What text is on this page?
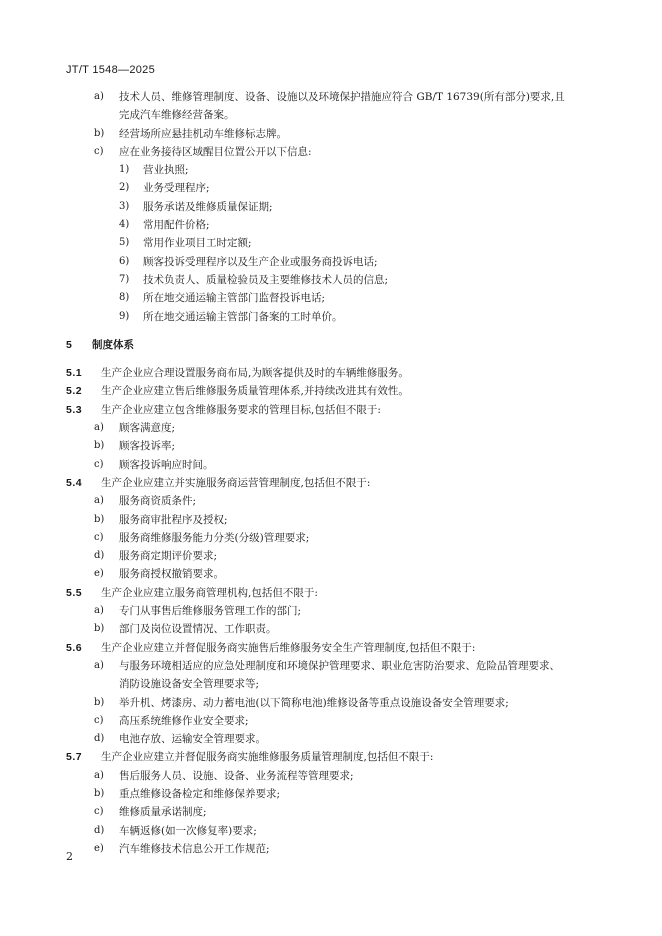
JT/T 1548—2025
a) 技术人员、维修管理制度、设备、设施以及环境保护措施应符合 GB/T 16739(所有部分)要求,且
完成汽车维修经营备案。
b) 经营场所应悬挂机动车维修标志牌。
c) 应在业务接待区域醒目位置公开以下信息:
1) 营业执照;
2) 业务受理程序;
3) 服务承诺及维修质量保证期;
4) 常用配件价格;
5) 常用作业项目工时定额;
6) 顾客投诉受理程序以及生产企业或服务商投诉电话;
7) 技术负责人、质量检验员及主要维修技术人员的信息;
8) 所在地交通运输主管部门监督投诉电话;
9) 所在地交通运输主管部门备案的工时单价。
5 制度体系
5.1 生产企业应合理设置服务商布局,为顾客提供及时的车辆维修服务。
5.2 生产企业应建立售后维修服务质量管理体系,并持续改进其有效性。
5.3 生产企业应建立包含维修服务要求的管理目标,包括但不限于:
a) 顾客满意度;
b) 顾客投诉率;
c) 顾客投诉响应时间。
5.4 生产企业应建立并实施服务商运营管理制度,包括但不限于:
a) 服务商资质条件;
b) 服务商审批程序及授权;
c) 服务商维修服务能力分类(分级)管理要求;
d) 服务商定期评价要求;
e) 服务商授权撤销要求。
5.5 生产企业应建立服务商管理机构,包括但不限于:
a) 专门从事售后维修服务管理工作的部门;
b) 部门及岗位设置情况、工作职责。
5.6 生产企业应建立并督促服务商实施售后维修服务安全生产管理制度,包括但不限于:
a) 与服务环境相适应的应急处理制度和环境保护管理要求、职业危害防治要求、危险品管理要求、
消防设施设备安全管理要求等;
b) 举升机、烤漆房、动力蓄电池(以下简称电池)维修设备等重点设施设备安全管理要求;
c) 高压系统维修作业安全要求;
d) 电池存放、运输安全管理要求。
5.7 生产企业应建立并督促服务商实施维修服务质量管理制度,包括但不限于:
a) 售后服务人员、设施、设备、业务流程等管理要求;
b) 重点维修设备检定和维修保养要求;
c) 维修质量承诺制度;
d) 车辆返修(如一次修复率)要求;
e) 汽车维修技术信息公开工作规范;
2
